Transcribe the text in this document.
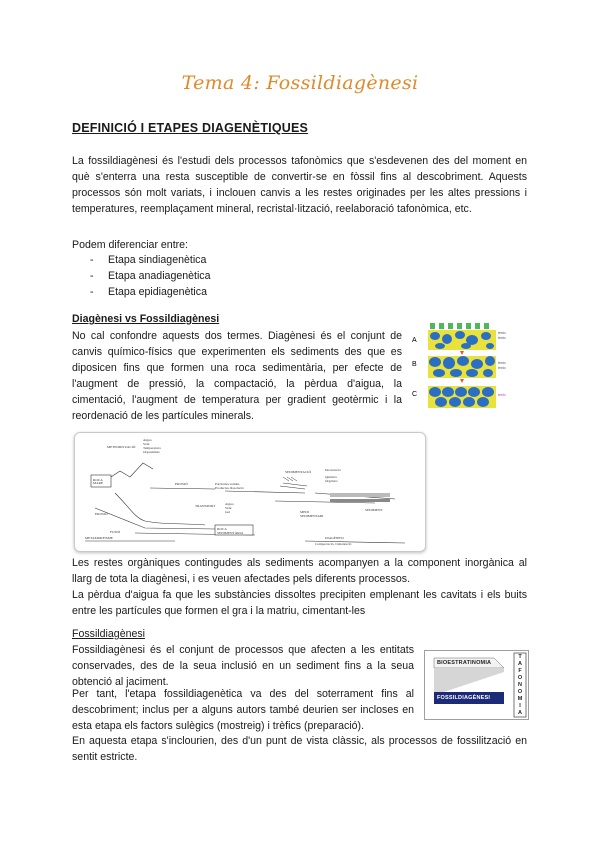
Tema 4: Fossildiagènesi
DEFINICIÓ I ETAPES DIAGENÈTIQUES

La fossildiagènesi és l'estudi dels processos tafonòmics que s'esdevenen des del moment en què s'enterra una resta susceptible de convertir-se en fòssil fins al descobriment. Aquests processos són molt variats, i inclouen canvis a les restes originades per les altes pressions i temperatures, reemplaçament mineral, recristal·lització, reelaboració tafonòmica, etc.

Podem diferenciar entre:

- Etapa sindiagenètica
- Etapa anadiagenètica
- Etapa epidiagenètica
Diagènesi vs Fossildiagènesi

No cal confondre aquests dos termes. Diagènesi és el conjunt de canvis químico-físics que experimenten els sediments des que es diposicen fins que formen una roca sedimentària, per efecte de l'augment de pressió, la compactació, la pèrdua d'aigua, la cimentació, l'augment de temperatura per gradient geotèrmic i la reordenació de les partícules minerals.

A
texto
texto
B	texto
texto
C	texto
METEORITZACIÓ
Aigua
Vent
Temperatura
Organismes
ROCA
MARE	EROSIÓ	Partícules sòlides
Productes dissolució
SEDIMENTACIÓ	Decantació
Químics
Orgànics
TRANSPORT	Aigua
Vent
Gel	MEDI
SEDIMENTARI
SEDIMENT
ROCA
SEDIMENTÀRIA
EROSIÓ
FUSIÓ
METAMORFISME	DIAGÈNESI
Compactació, Cimentació

Les restes orgàniques contingudes als sediments acompanyen a la component inorgànica al llarg de tota la diagènesi, i es veuen afectades pels diferents processos.

La pèrdua d'aigua fa que les substàncies dissoltes precipiten emplenant les cavitats i els buits entre les partícules que formen el gra i la matriu, cimentant-les

Fossildiagènesi

Fossildiagènesi és el conjunt de processos que afecten a les entitats conservades, des de la seua inclusió en un sediment fins a la seua obtenció al jaciment.

Per tant, l'etapa fossildiagenètica va des del soterrament fins al descobriment; inclus per a alguns autors també deurien ser incloses en esta etapa els factors sulègics (mostreig) i trèfics (preparació).

En aquesta etapa s'inclourien, des d'un punt de vista clàssic, als processos de fossilització en sentit estricte.

BIOESTRATINOMIA
FOSSILDIAGÈNESI
T
A
F
O
N
O
M
I
A
